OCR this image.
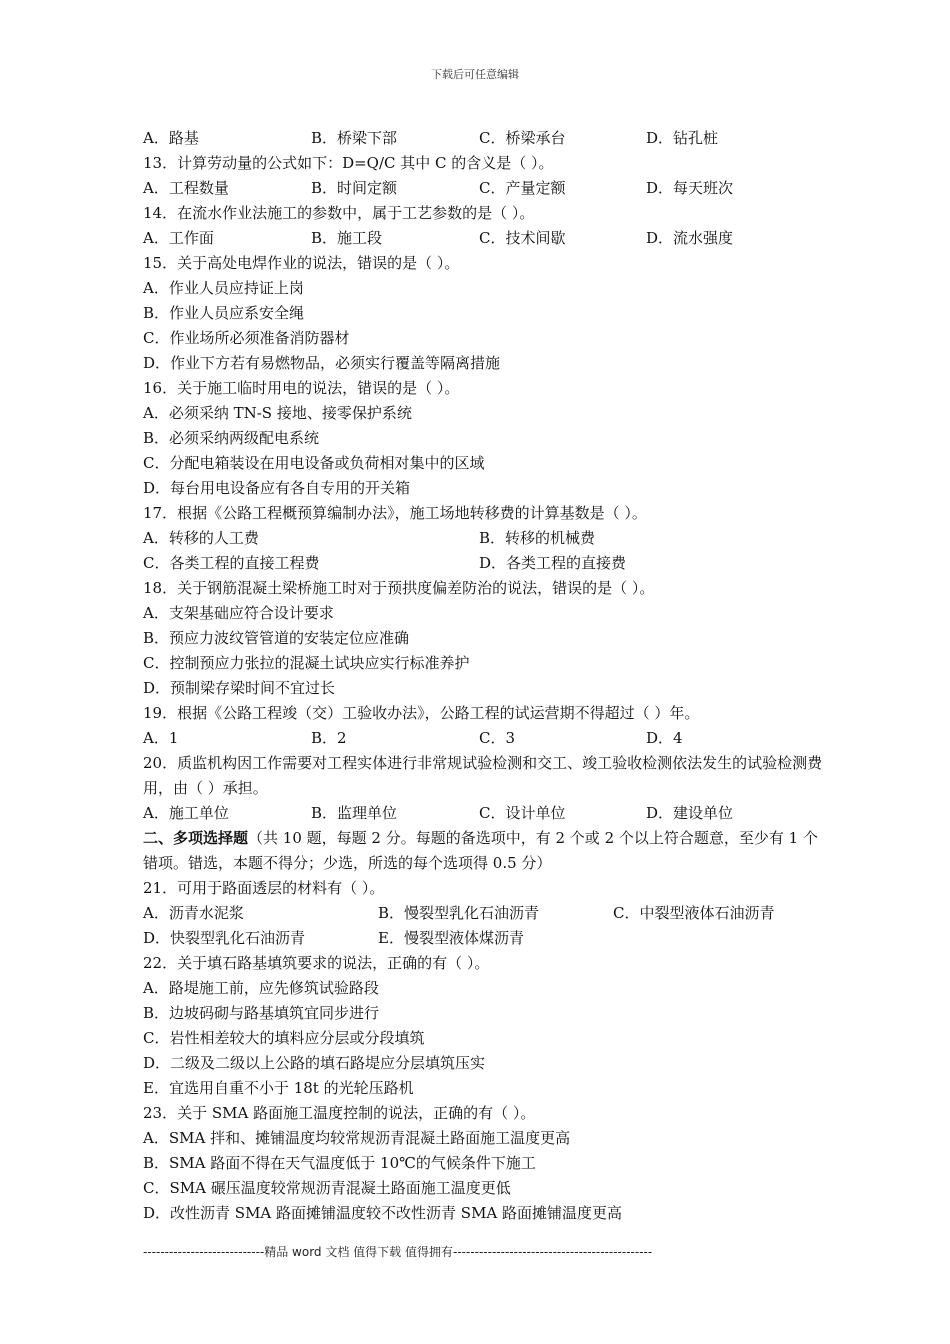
下载后可任意编辑
A．路基	B．桥梁下部	C．桥梁承台	D．钻孔桩
13．计算劳动量的公式如下：D=Q/C 其中 C 的含义是（ ）。
A．工程数量	B．时间定额	C．产量定额	D．每天班次
14．在流水作业法施工的参数中，属于工艺参数的是（ ）。
A．工作面	B．施工段	C．技术间歇	D．流水强度
15．关于高处电焊作业的说法，错误的是（ ）。
A．作业人员应持证上岗
B．作业人员应系安全绳
C．作业场所必须准备消防器材
D．作业下方若有易燃物品，必须实行覆盖等隔离措施
16．关于施工临时用电的说法，错误的是（ ）。
A．必须采纳 TN-S 接地、接零保护系统
B．必须采纳两级配电系统
C．分配电箱装设在用电设备或负荷相对集中的区域
D．每台用电设备应有各自专用的开关箱
17．根据《公路工程概预算编制办法》，施工场地转移费的计算基数是（ ）。
A．转移的人工费	B．转移的机械费
C．各类工程的直接工程费	D．各类工程的直接费
18．关于钢筋混凝土梁桥施工时对于预拱度偏差防治的说法，错误的是（ ）。
A．支架基础应符合设计要求
B．预应力波纹管管道的安装定位应准确
C．控制预应力张拉的混凝土试块应实行标准养护
D．预制梁存梁时间不宜过长
19．根据《公路工程竣（交）工验收办法》，公路工程的试运营期不得超过（ ）年。
A．1	B．2	C．3	D．4
20．质监机构因工作需要对工程实体进行非常规试验检测和交工、竣工验收检测依法发生的试验检测费用，由（ ）承担。
A．施工单位	B．监理单位	C．设计单位	D．建设单位
二、多项选择题（共 10 题，每题 2 分。每题的备选项中，有 2 个或 2 个以上符合题意，至少有 1 个错项。错选，本题不得分；少选，所选的每个选项得 0.5 分）
21．可用于路面透层的材料有（ ）。
A．沥青水泥浆	B．慢裂型乳化石油沥青	C．中裂型液体石油沥青
D．快裂型乳化石油沥青	E．慢裂型液体煤沥青
22．关于填石路基填筑要求的说法，正确的有（ ）。
A．路堤施工前，应先修筑试验路段
B．边坡码砌与路基填筑宜同步进行
C．岩性相差较大的填料应分层或分段填筑
D．二级及二级以上公路的填石路堤应分层填筑压实
E．宜选用自重不小于 18t 的光轮压路机
23．关于 SMA 路面施工温度控制的说法，正确的有（ ）。
A．SMA 拌和、摊铺温度均较常规沥青混凝土路面施工温度更高
B．SMA 路面不得在天气温度低于 10℃的气候条件下施工
C．SMA 碾压温度较常规沥青混凝土路面施工温度更低
D．改性沥青 SMA 路面摊铺温度较不改性沥青 SMA 路面摊铺温度更高
----------------------------精品 word 文档 值得下载 值得拥有----------------------------------------------
